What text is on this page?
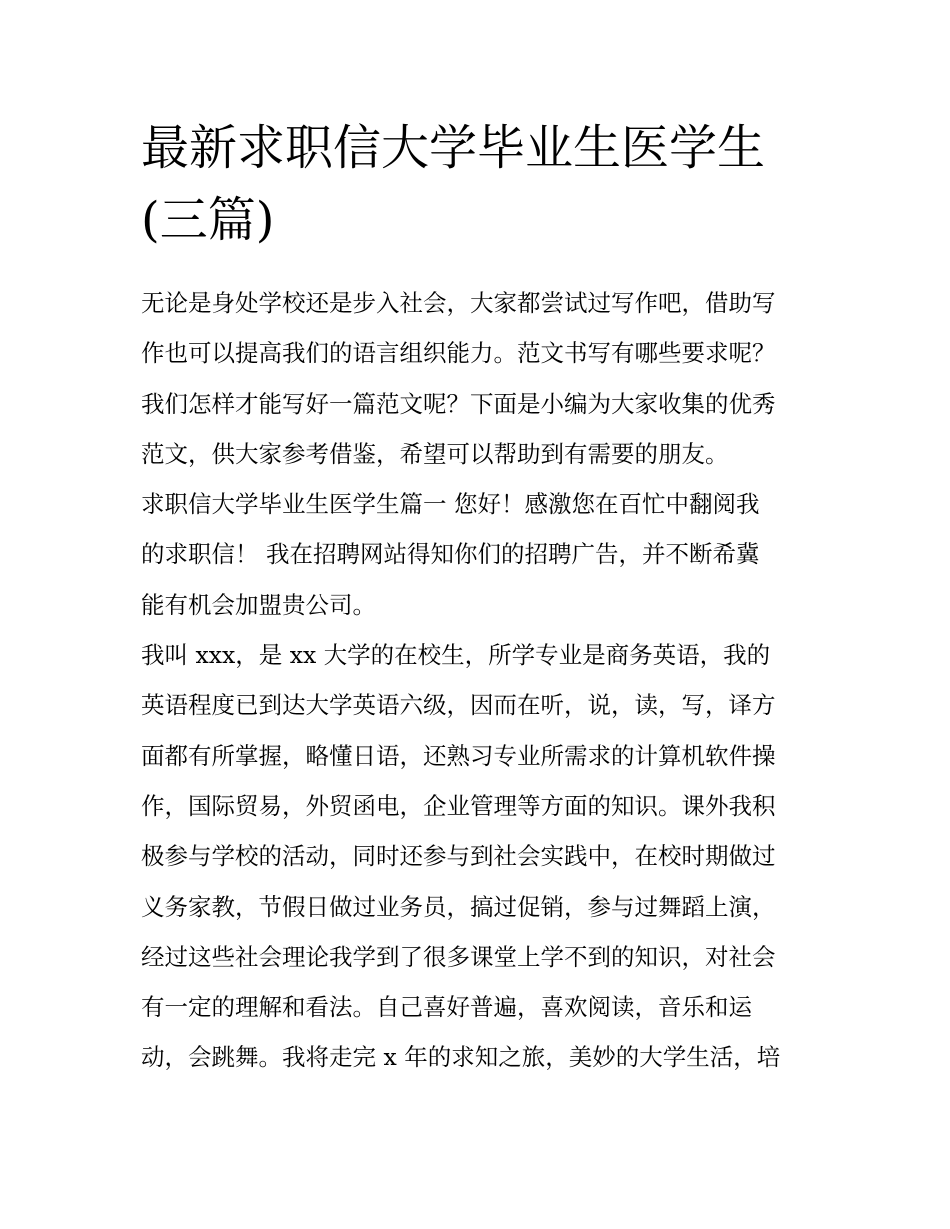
最新求职信大学毕业生医学生
(三篇)
无论是身处学校还是步入社会，大家都尝试过写作吧，借助写
作也可以提高我们的语言组织能力。范文书写有哪些要求呢？
我们怎样才能写好一篇范文呢？下面是小编为大家收集的优秀
范文，供大家参考借鉴，希望可以帮助到有需要的朋友。
求职信大学毕业生医学生篇一 您好！感激您在百忙中翻阅我
的求职信！ 我在招聘网站得知你们的招聘广告，并不断希冀
能有机会加盟贵公司。
我叫 xxx，是 xx 大学的在校生，所学专业是商务英语，我的
英语程度已到达大学英语六级，因而在听，说，读，写，译方
面都有所掌握，略懂日语，还熟习专业所需求的计算机软件操
作，国际贸易，外贸函电，企业管理等方面的知识。课外我积
极参与学校的活动，同时还参与到社会实践中，在校时期做过
义务家教，节假日做过业务员，搞过促销，参与过舞蹈上演，
经过这些社会理论我学到了很多课堂上学不到的知识，对社会
有一定的理解和看法。自己喜好普遍，喜欢阅读，音乐和运
动，会跳舞。我将走完 x 年的求知之旅，美妙的大学生活，培
